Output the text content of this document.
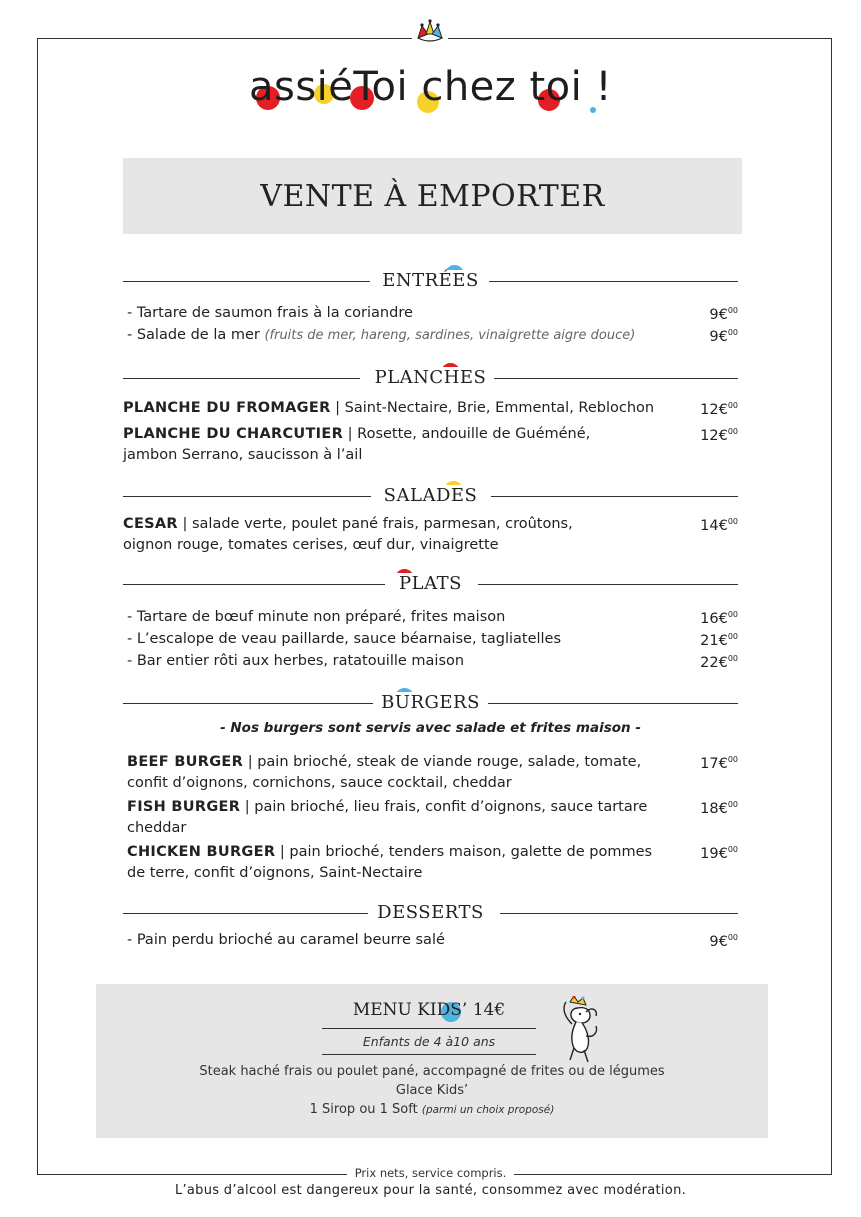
assiéToi chez toi !
VENTE À EMPORTER
ENTRÉES
- Tartare de saumon frais à la coriandre	9€$^{00}$
- Salade de la mer (fruits de mer, hareng, sardines, vinaigrette aigre douce)	9€$^{00}$
PLANCHES
PLANCHE DU FROMAGER | Saint-Nectaire, Brie, Emmental, Reblochon	12€$^{00}$
PLANCHE DU CHARCUTIER | Rosette, andouille de Guéméné,
jambon Serrano, saucisson à l’ail
12€$^{00}$
SALADES
CESAR | salade verte, poulet pané frais, parmesan, croûtons,
oignon rouge, tomates cerises, œuf dur, vinaigrette
14€$^{00}$
PLATS
- Tartare de bœuf minute non préparé, frites maison	16€$^{00}$
- L’escalope de veau paillarde, sauce béarnaise, tagliatelles	21€$^{00}$
- Bar entier rôti aux herbes, ratatouille maison	22€$^{00}$
BURGERS
- Nos burgers sont servis avec salade et frites maison -
BEEF BURGER | pain brioché, steak de viande rouge, salade, tomate,
confit d’oignons, cornichons, sauce cocktail, cheddar
17€$^{00}$
FISH BURGER | pain brioché, lieu frais, confit d’oignons, sauce tartare
cheddar
18€$^{00}$
CHICKEN BURGER | pain brioché, tenders maison, galette de pommes
de terre, confit d’oignons, Saint-Nectaire
19€$^{00}$
DESSERTS
- Pain perdu brioché au caramel beurre salé	9€$^{00}$
MENU KIDS’ 14€
Enfants de 4 à10 ans
Steak haché frais ou poulet pané, accompagné de frites ou de légumes
Glace Kids’
1 Sirop ou 1 Soft (parmi un choix proposé)
Prix nets, service compris.
L’abus d’alcool est dangereux pour la santé, consommez avec modération.
